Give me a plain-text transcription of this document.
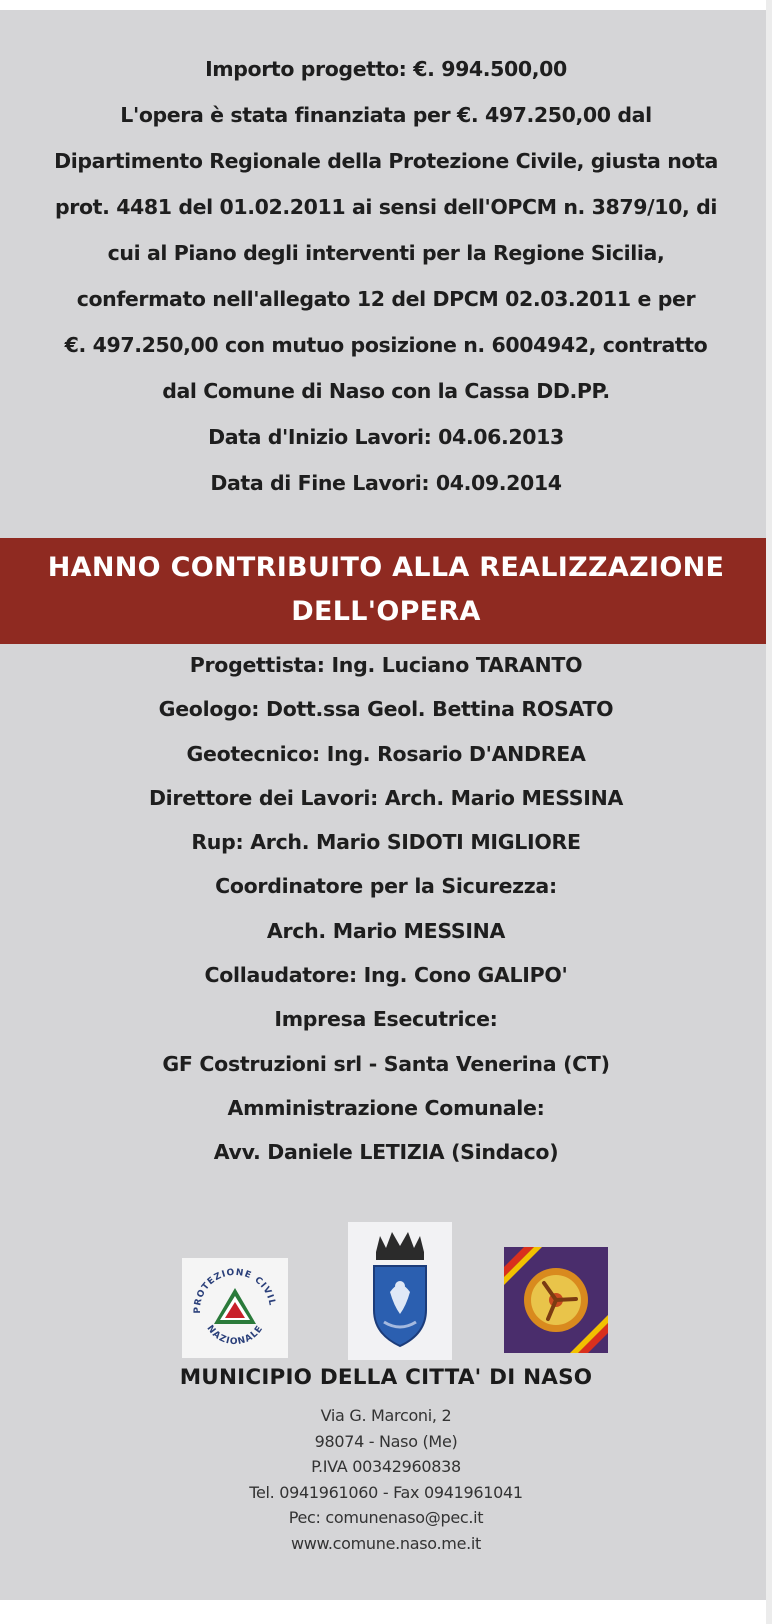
Importo progetto: €. 994.500,00
L'opera è stata finanziata per €. 497.250,00 dal
Dipartimento Regionale della Protezione Civile, giusta nota
prot. 4481 del 01.02.2011 ai sensi dell'OPCM n. 3879/10, di
cui al Piano degli interventi per la Regione Sicilia,
confermato nell'allegato 12 del DPCM 02.03.2011 e per
€. 497.250,00 con mutuo posizione n. 6004942, contratto
dal Comune di Naso con la Cassa DD.PP.
Data d'Inizio Lavori: 04.06.2013
Data di Fine Lavori: 04.09.2014
HANNO CONTRIBUITO ALLA REALIZZAZIONE
DELL'OPERA
Progettista: Ing. Luciano TARANTO
Geologo: Dott.ssa Geol. Bettina ROSATO
Geotecnico: Ing. Rosario D'ANDREA
Direttore dei Lavori: Arch. Mario MESSINA
Rup: Arch. Mario SIDOTI MIGLIORE
Coordinatore per la Sicurezza:
Arch. Mario MESSINA
Collaudatore: Ing. Cono GALIPO'
Impresa Esecutrice:
GF Costruzioni srl - Santa Venerina (CT)
Amministrazione Comunale:
Avv. Daniele LETIZIA (Sindaco)
PROTEZIONE CIVIL
NAZIONALE
MUNICIPIO DELLA CITTA' DI NASO
Via G. Marconi, 2
98074 - Naso (Me)
P.IVA 00342960838
Tel. 0941961060 - Fax 0941961041
Pec: comunenaso@pec.it
www.comune.naso.me.it
